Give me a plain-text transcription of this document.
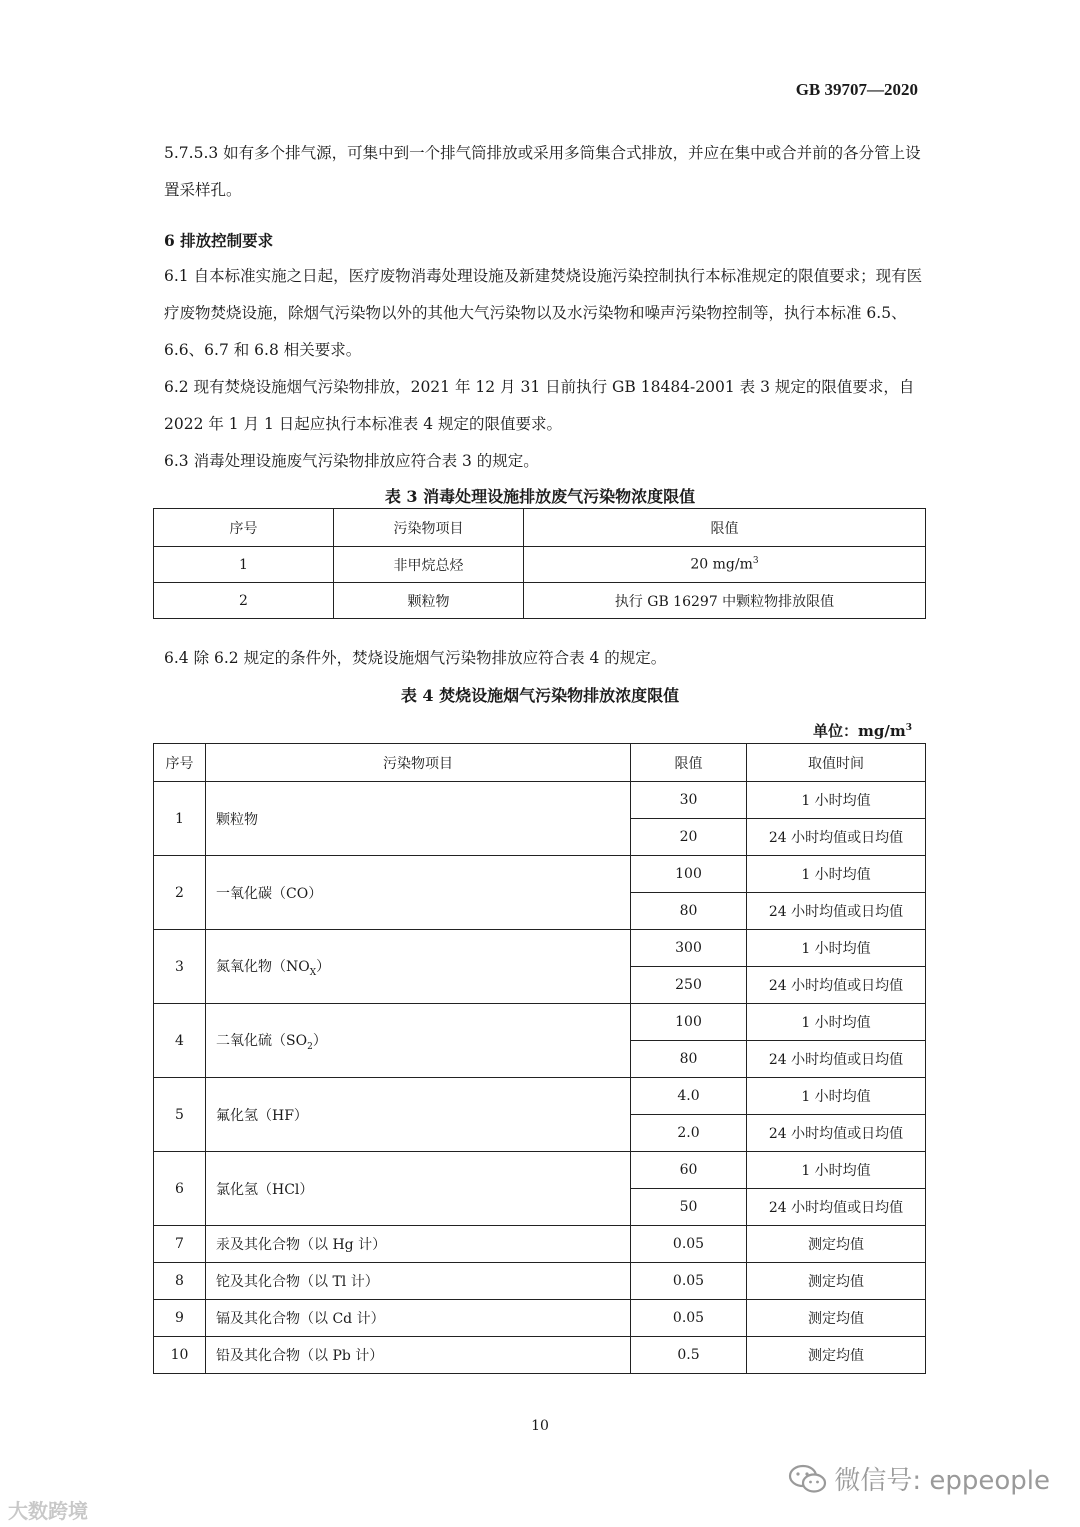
GB 39707—2020

5.7.5.3 如有多个排气源，可集中到一个排气筒排放或采用多筒集合式排放，并应在集中或合并前的各分管上设置采样孔。

6 排放控制要求

6.1 自本标准实施之日起，医疗废物消毒处理设施及新建焚烧设施污染控制执行本标准规定的限值要求；现有医疗废物焚烧设施，除烟气污染物以外的其他大气污染物以及水污染物和噪声污染物控制等，执行本标准 6.5、6.6、6.7 和 6.8 相关要求。

6.2 现有焚烧设施烟气污染物排放，2021 年 12 月 31 日前执行 GB 18484-2001 表 3 规定的限值要求，自 2022 年 1 月 1 日起应执行本标准表 4 规定的限值要求。

6.3 消毒处理设施废气污染物排放应符合表 3 的规定。

表 3 消毒处理设施排放废气污染物浓度限值
序号	污染物项目	限值
1	非甲烷总烃	20 $mg/m^3$
2	颗粒物	执行 GB 16297 中颗粒物排放限值

6.4 除 6.2 规定的条件外，焚烧设施烟气污染物排放应符合表 4 的规定。

表 4 焚烧设施烟气污染物排放浓度限值
单位：$mg/m^3$
序号	污染物项目	限值	取值时间
1	颗粒物	30	1 小时均值
		20	24 小时均值或日均值
2	一氧化碳（CO）	100	1 小时均值
		80	24 小时均值或日均值
3	氮氧化物$(NO_X)$	300	1 小时均值
		250	24 小时均值或日均值
4	二氧化硫$(SO_2)$	100	1 小时均值
		80	24 小时均值或日均值
5	氟化氢（HF）	4.0	1 小时均值
		2.0	24 小时均值或日均值
6	氯化氢（HCl）	60	1 小时均值
		50	24 小时均值或日均值
7	汞及其化合物（以 Hg 计）	0.05	测定均值
8	铊及其化合物（以 Tl 计）	0.05	测定均值
9	镉及其化合物（以 Cd 计）	0.05	测定均值
10	铅及其化合物（以 Pb 计）	0.5	测定均值
10
大数跨境
微信号: eppeople
